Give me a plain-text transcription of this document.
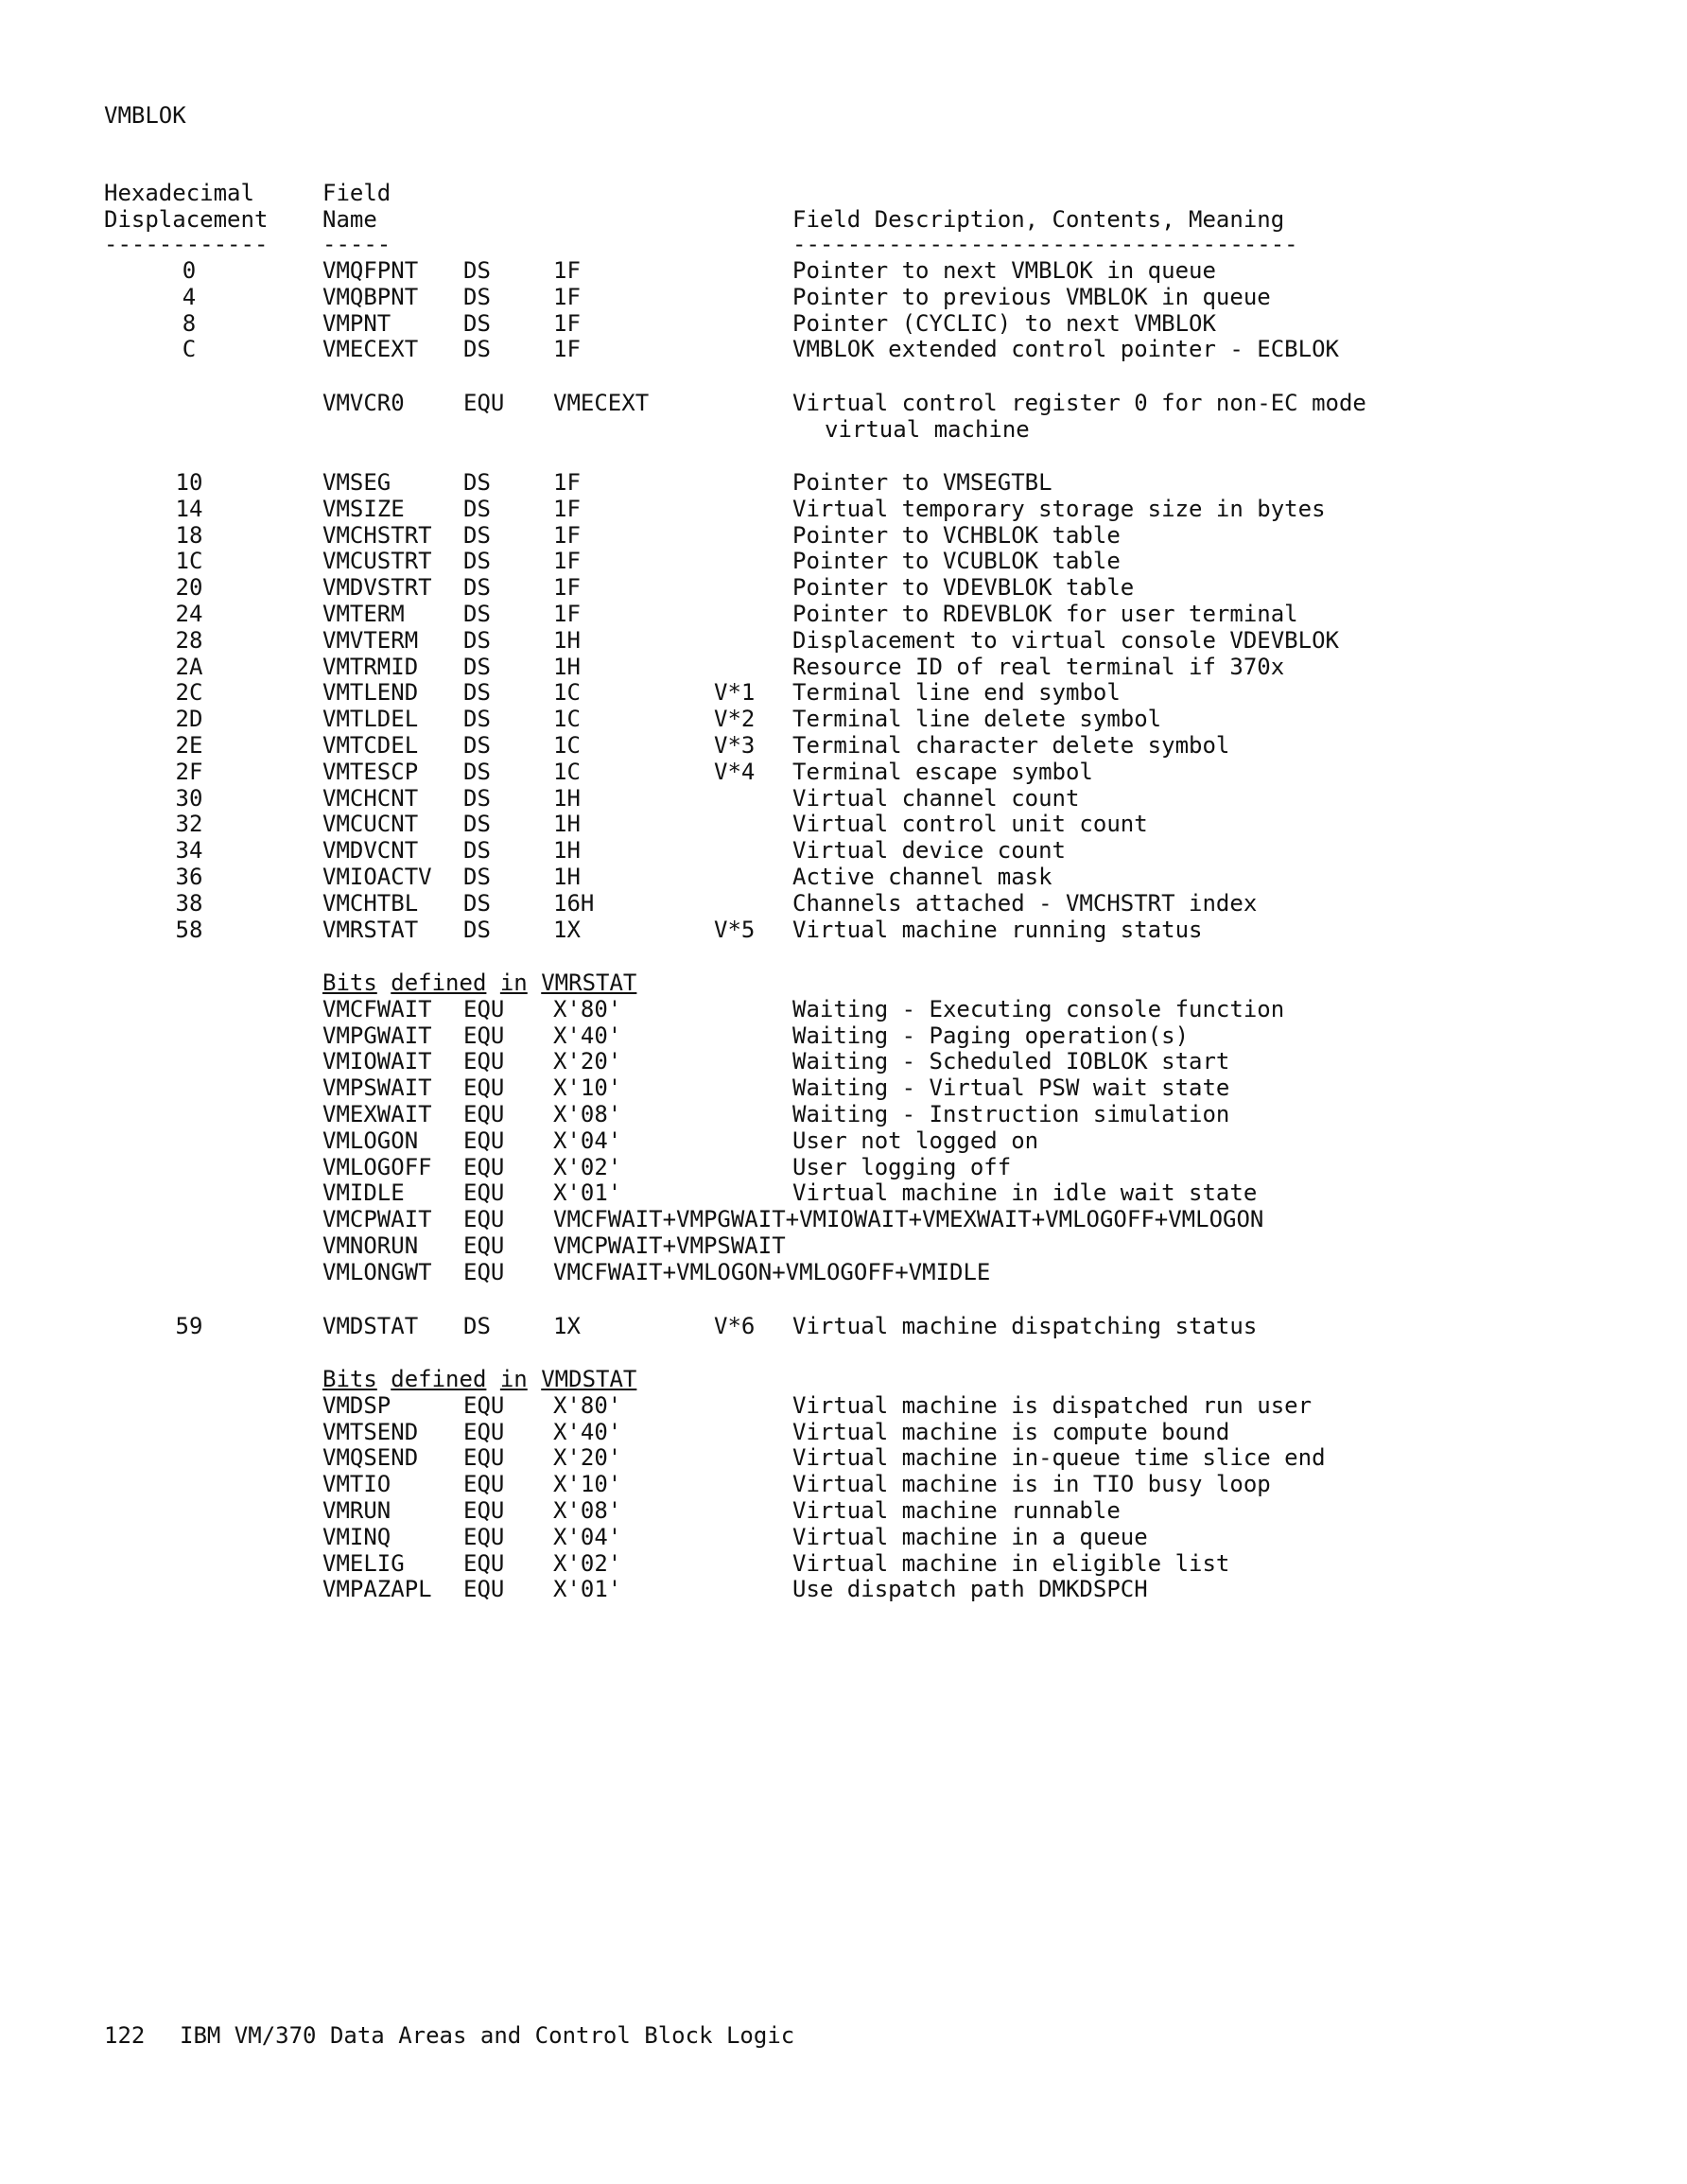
VMBLOK
Hexadecimal
Displacement
Field
Name	Field Description, Contents, Meaning
------------ -----	-------------------------------------
0	VMQFPNT DS	1F	Pointer to next VMBLOK in queue
4	VMQBPNT DS	1F	Pointer to previous VMBLOK in queue
8	VMPNT	DS	1F	Pointer (CYCLIC) to next VMBLOK
C	VMECEXT DS	1F	VMBLOK extended control pointer - ECBLOK
VMVCR0	EQU VMECEXT	Virtual control register 0 for non-EC mode
virtual machine
10	VMSEG	DS	1F	Pointer to VMSEGTBL
14	VMSIZE	DS	1F	Virtual temporary storage size in bytes
18	VMCHSTRT DS	1F	Pointer to VCHBLOK table
1C	VMCUSTRT DS	1F	Pointer to VCUBLOK table
20	VMDVSTRT DS	1F	Pointer to VDEVBLOK table
24	VMTERM	DS	1F	Pointer to RDEVBLOK for user terminal
28	VMVTERM DS	1H	Displacement to virtual console VDEVBLOK
2A	VMTRMID DS	1H	Resource ID of real terminal if 370x
2C	VMTLEND DS	1C	V*1 Terminal line end symbol
2D	VMTLDEL DS	1C	V*2 Terminal line delete symbol
2E	VMTCDEL DS	1C	V*3 Terminal character delete symbol
2F	VMTESCP DS	1C	V*4 Terminal escape symbol
30	VMCHCNT DS	1H	Virtual channel count
32	VMCUCNT DS	1H	Virtual control unit count
34	VMDVCNT DS	1H	Virtual device count
36	VMIOACTV DS	1H	Active channel mask
38	VMCHTBL DS	16H	Channels attached - VMCHSTRT index
58	VMRSTAT DS	1X	V*5 Virtual machine running status
Bits defined in VMRSTAT
VMCFWAIT EQU X'80'	Waiting - Executing console function
VMPGWAIT EQU X'40'	Waiting - Paging operation(s)
VMIOWAIT EQU X'20'	Waiting - Scheduled IOBLOK start
VMPSWAIT EQU X'10'	Waiting - Virtual PSW wait state
VMEXWAIT EQU X'08'	Waiting - Instruction simulation
VMLOGON EQU X'04'	User not logged on
VMLOGOFF EQU X'02'	User logging off
VMIDLE	EQU X'01'	Virtual machine in idle wait state
VMCPWAIT EQU VMCFWAIT+VMPGWAIT+VMIOWAIT+VMEXWAIT+VMLOGOFF+VMLOGON
VMNORUN EQU VMCPWAIT+VMPSWAIT
VMLONGWT EQU VMCFWAIT+VMLOGON+VMLOGOFF+VMIDLE
59	VMDSTAT DS	1X	V*6 Virtual machine dispatching status
Bits defined in VMDSTAT
VMDSP	EQU X'80'	Virtual machine is dispatched run user
VMTSEND EQU X'40'	Virtual machine is compute bound
VMQSEND EQU X'20'	Virtual machine in-queue time slice end
VMTIO	EQU X'10'	Virtual machine is in TIO busy loop
VMRUN	EQU X'08'	Virtual machine runnable
VMINQ	EQU X'04'	Virtual machine in a queue
VMELIG	EQU X'02'	Virtual machine in eligible list
VMPAZAPL EQU X'01'	Use dispatch path DMKDSPCH
122 IBM VM/370 Data Areas and Control Block Logic
